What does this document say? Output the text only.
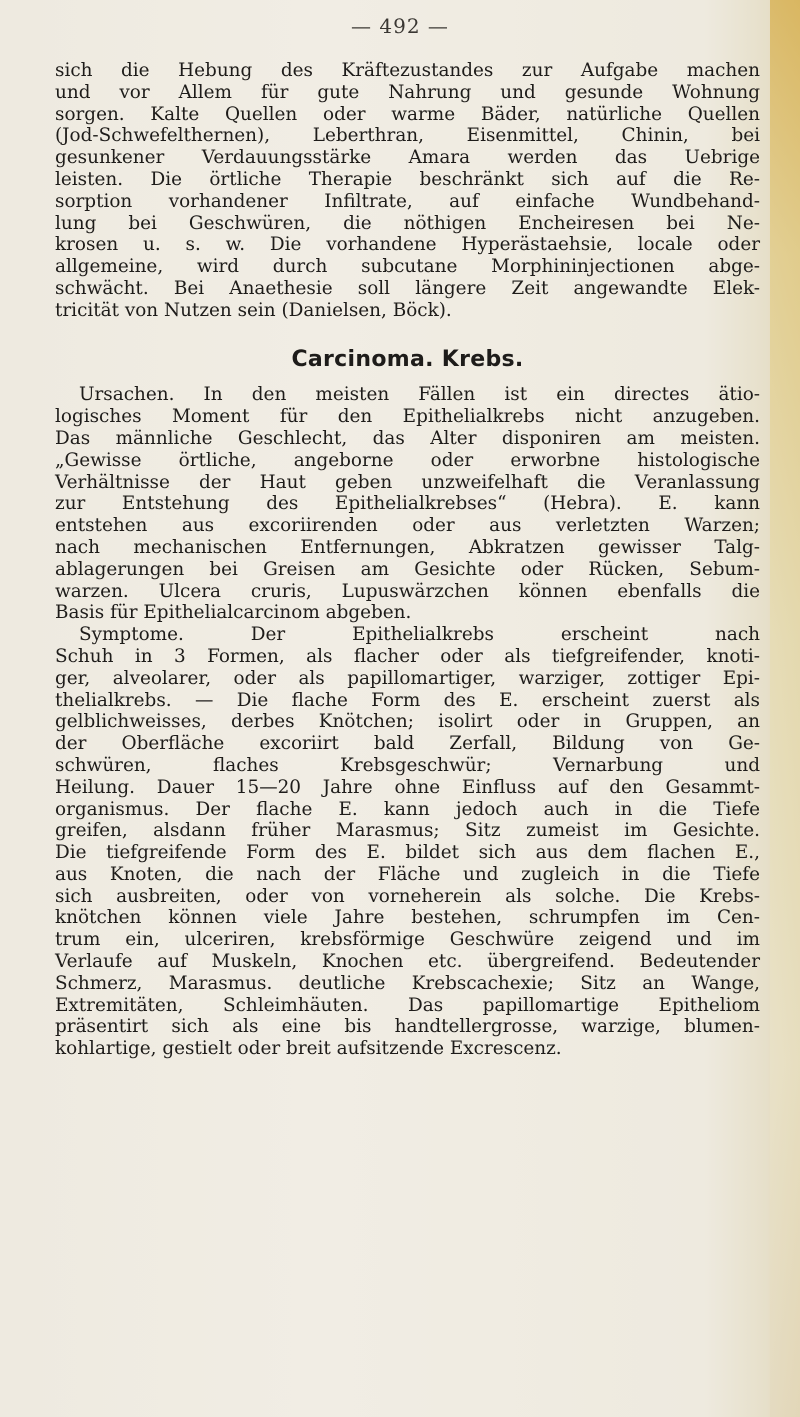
— 492 —
sich die Hebung des Kräftezustandes zur Aufgabe machen
und vor Allem für gute Nahrung und gesunde Wohnung
sorgen. Kalte Quellen oder warme Bäder, natürliche Quellen
(Jod-Schwefelthernen), Leberthran, Eisenmittel, Chinin, bei
gesunkener Verdauungsstärke Amara werden das Uebrige
leisten. Die örtliche Therapie beschränkt sich auf die Re-
sorption vorhandener Infiltrate, auf einfache Wundbehand-
lung bei Geschwüren, die nöthigen Encheiresen bei Ne-
krosen u. s. w. Die vorhandene Hyperästaehsie, locale oder
allgemeine, wird durch subcutane Morphininjectionen abge-
schwächt. Bei Anaethesie soll längere Zeit angewandte Elek-
tricität von Nutzen sein (Danielsen, Böck).
Carcinoma. Krebs.
Ursachen. In den meisten Fällen ist ein directes ätio-
logisches Moment für den Epithelialkrebs nicht anzugeben.
Das männliche Geschlecht, das Alter disponiren am meisten.
„Gewisse örtliche, angeborne oder erworbne histologische
Verhältnisse der Haut geben unzweifelhaft die Veranlassung
zur Entstehung des Epithelialkrebses“ (Hebra). E. kann
entstehen aus excoriirenden oder aus verletzten Warzen;
nach mechanischen Entfernungen, Abkratzen gewisser Talg-
ablagerungen bei Greisen am Gesichte oder Rücken, Sebum-
warzen. Ulcera cruris, Lupuswärzchen können ebenfalls die
Basis für Epithelialcarcinom abgeben.
Symptome. Der Epithelialkrebs erscheint nach
Schuh in 3 Formen, als flacher oder als tiefgreifender, knoti-
ger, alveolarer, oder als papillomartiger, warziger, zottiger Epi-
thelialkrebs. — Die flache Form des E. erscheint zuerst als
gelblichweisses, derbes Knötchen; isolirt oder in Gruppen, an
der Oberfläche excoriirt bald Zerfall, Bildung von Ge-
schwüren, flaches Krebsgeschwür; Vernarbung und
Heilung. Dauer 15—20 Jahre ohne Einfluss auf den Gesammt-
organismus. Der flache E. kann jedoch auch in die Tiefe
greifen, alsdann früher Marasmus; Sitz zumeist im Gesichte.
Die tiefgreifende Form des E. bildet sich aus dem flachen E.,
aus Knoten, die nach der Fläche und zugleich in die Tiefe
sich ausbreiten, oder von vorneherein als solche. Die Krebs-
knötchen können viele Jahre bestehen, schrumpfen im Cen-
trum ein, ulceriren, krebsförmige Geschwüre zeigend und im
Verlaufe auf Muskeln, Knochen etc. übergreifend. Bedeutender
Schmerz, Marasmus. deutliche Krebscachexie; Sitz an Wange,
Extremitäten, Schleimhäuten. Das papillomartige Epitheliom
präsentirt sich als eine bis handtellergrosse, warzige, blumen-
kohlartige, gestielt oder breit aufsitzende Excrescenz.
